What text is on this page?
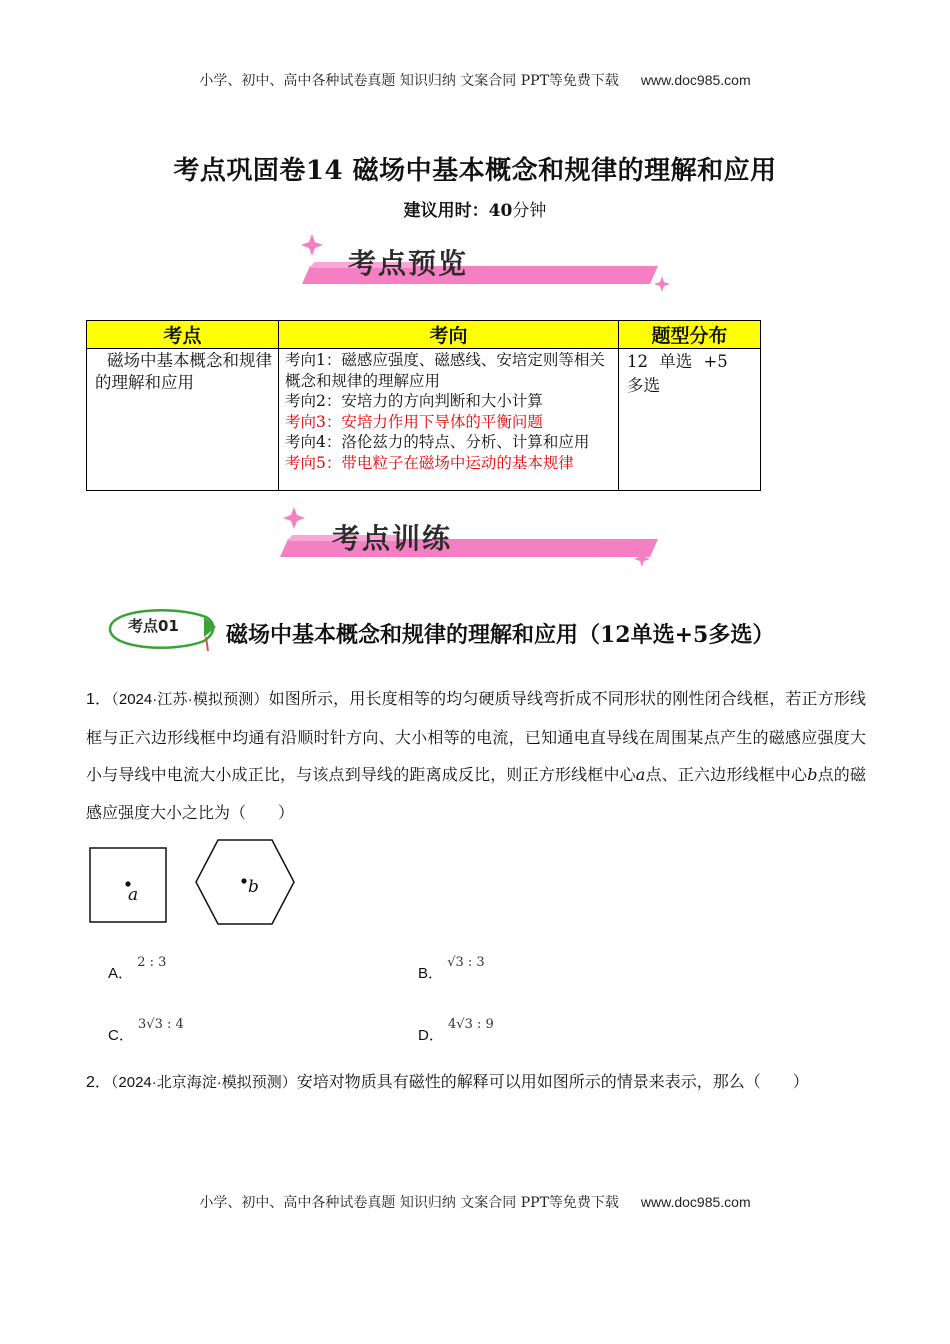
小学、初中、高中各种试卷真题 知识归纳 文案合同 PPT等免费下载 www.doc985.com
考点巩固卷14 磁场中基本概念和规律的理解和应用
建议用时：40分钟
考点预览
考点	考向	题型分布
磁场中基本概念和规律的理解和应用	考向1：磁感应强度、磁感线、安培定则等相关概念和规律的理解应用
考向2：安培力的方向判断和大小计算
考向3：安培力作用下导体的平衡问题
考向4：洛伦兹力的特点、分析、计算和应用
考向5：带电粒子在磁场中运动的基本规律	12 单选 +5 多选
考点训练
考点01 磁场中基本概念和规律的理解和应用（12单选+5多选）
1．（2024·江苏·模拟预测）如图所示，用长度相等的均匀硬质导线弯折成不同形状的刚性闭合线框，若正方形线框与正六边形线框中均通有沿顺时针方向、大小相等的电流，已知通电直导线在周围某点产生的磁感应强度大小与导线中电流大小成正比，与该点到导线的距离成反比，则正方形线框中心a点、正六边形线框中心b点的磁感应强度大小之比为（　　）
a	b
A． 2 : 3
B． √3 : 3
C． 3√3 : 4
D． 4√3 : 9
2．（2024·北京海淀·模拟预测）安培对物质具有磁性的解释可以用如图所示的情景来表示，那么（　　）
小学、初中、高中各种试卷真题 知识归纳 文案合同 PPT等免费下载 www.doc985.com
